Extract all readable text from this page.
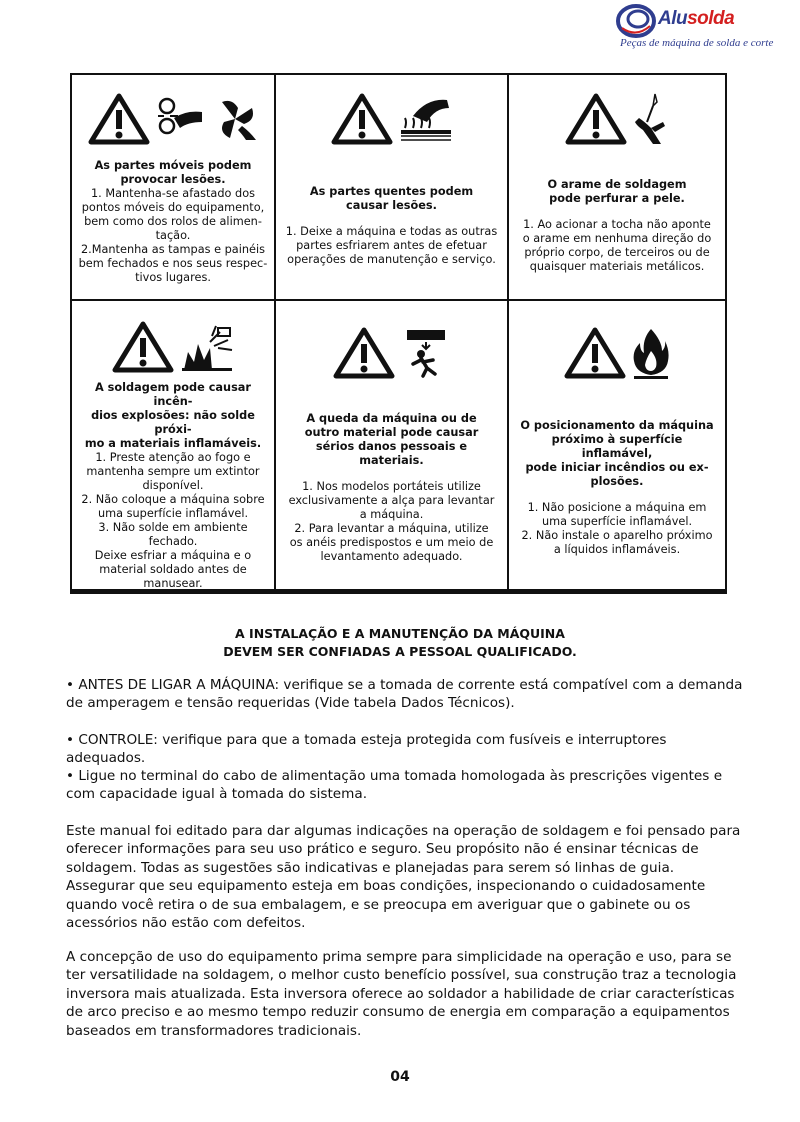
Alusolda
Peças de máquina de solda e corte
As partes móveis podem
provocar lesões.
1. Mantenha-se afastado dos
pontos móveis do equipamento,
bem como dos rolos de alimen-
tação.
2.Mantenha as tampas e painéis
bem fechados e nos seus respec-
tivos lugares.
As partes quentes podem
causar lesões.
1. Deixe a máquina e todas as outras
partes esfriarem antes de efetuar
operações de manutenção e serviço.
O arame de soldagem
pode perfurar a pele.
1. Ao acionar a tocha não aponte
o arame em nenhuma direção do
próprio corpo, de terceiros ou de
quaisquer materiais metálicos.
A soldagem pode causar incên-
dios explosões: não solde próxi-
mo a materiais inflamáveis.
1. Preste atenção ao fogo e
mantenha sempre um extintor
disponível.
2. Não coloque a máquina sobre
uma superfície inflamável.
3. Não solde em ambiente
fechado.
Deixe esfriar a máquina e o
material soldado antes de
manusear.
A queda da máquina ou de
outro material pode causar
sérios danos pessoais e materiais.
1. Nos modelos portáteis utilize
exclusivamente a alça para levantar
a máquina.
2. Para levantar a máquina, utilize
os anéis predispostos e um meio de
levantamento adequado.
O posicionamento da máquina
próximo à superfície inflamável,
pode iniciar incêndios ou ex-
plosões.
1. Não posicione a máquina em
uma superfície inflamável.
2. Não instale o aparelho próximo
a líquidos inflamáveis.
A INSTALAÇÃO E A MANUTENÇÃO DA MÁQUINA
DEVEM SER CONFIADAS A PESSOAL QUALIFICADO.

• ANTES DE LIGAR A MÁQUINA: verifique se a tomada de corrente está compatível com a demanda de amperagem e tensão requeridas (Vide tabela Dados Técnicos).

• CONTROLE: verifique para que a tomada esteja protegida com fusíveis e interruptores adequados.

• Ligue no terminal do cabo de alimentação uma tomada homologada às prescrições vigentes e com capacidade igual à tomada do sistema.

Este manual foi editado para dar algumas indicações na operação de soldagem e foi pensado para oferecer informações para seu uso prático e seguro. Seu propósito não é ensinar técnicas de soldagem. Todas as sugestões são indicativas e planejadas para serem só linhas de guia. Assegurar que seu equipamento esteja em boas condições, inspecionando o cuidadosamente quando você retira o de sua embalagem, e se preocupa em averiguar que o gabinete ou os acessórios não estão com defeitos.

A concepção de uso do equipamento prima sempre para simplicidade na operação e uso, para se ter versatilidade na soldagem, o melhor custo benefício possível, sua construção traz a tecnologia inversora mais atualizada. Esta inversora oferece ao soldador a habilidade de criar características de arco preciso e ao mesmo tempo reduzir consumo de energia em comparação a equipamentos baseados em transformadores tradicionais.

04
